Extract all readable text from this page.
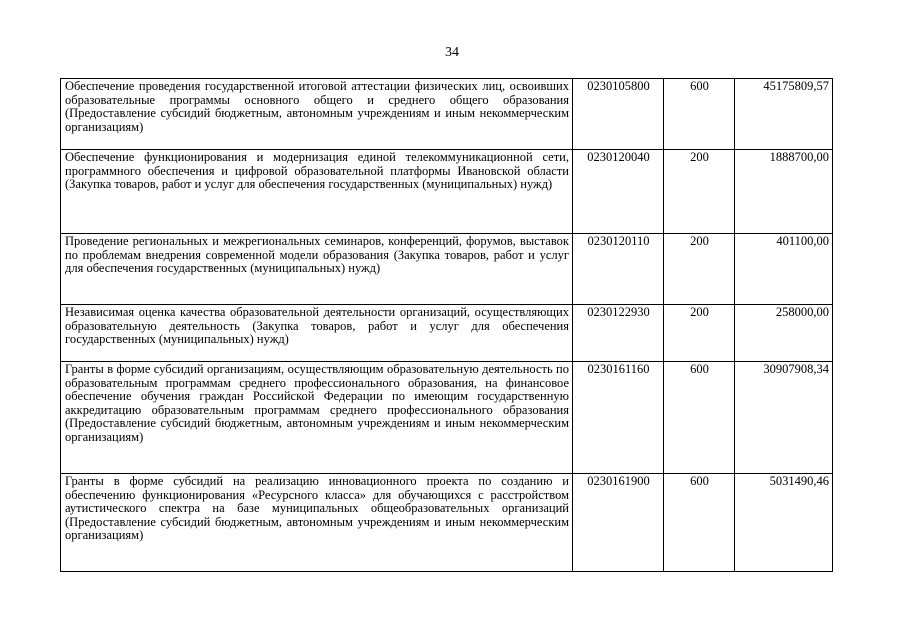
34
Обеспечение проведения государственной итоговой аттестации физических лиц, освоивших образовательные программы основного общего и среднего общего образования (Предоставление субсидий бюджетным, автономным учреждениям и иным некоммерческим организациям)	0230105800	600	45175809,57
Обеспечение функционирования и модернизация единой телекоммуникационной сети, программного обеспечения и цифровой образовательной платформы Ивановской области (Закупка товаров, работ и услуг для обеспечения государственных (муниципальных) нужд)	0230120040	200	1888700,00
Проведение региональных и межрегиональных семинаров, конференций, форумов, выставок по проблемам внедрения современной модели образования (Закупка товаров, работ и услуг для обеспечения государственных (муниципальных) нужд)	0230120110	200	401100,00
Независимая оценка качества образовательной деятельности организаций, осуществляющих образовательную деятельность (Закупка товаров, работ и услуг для обеспечения государственных (муниципальных) нужд)	0230122930	200	258000,00
Гранты в форме субсидий организациям, осуществляющим образовательную деятельность по образовательным программам среднего профессионального образования, на финансовое обеспечение обучения граждан Российской Федерации по имеющим государственную аккредитацию образовательным программам среднего профессионального образования (Предоставление субсидий бюджетным, автономным учреждениям и иным некоммерческим организациям)	0230161160	600	30907908,34
Гранты в форме субсидий на реализацию инновационного проекта по созданию и обеспечению функционирования «Ресурсного класса» для обучающихся с расстройством аутистического спектра на базе муниципальных общеобразовательных организаций (Предоставление субсидий бюджетным, автономным учреждениям и иным некоммерческим организациям)	0230161900	600	5031490,46
